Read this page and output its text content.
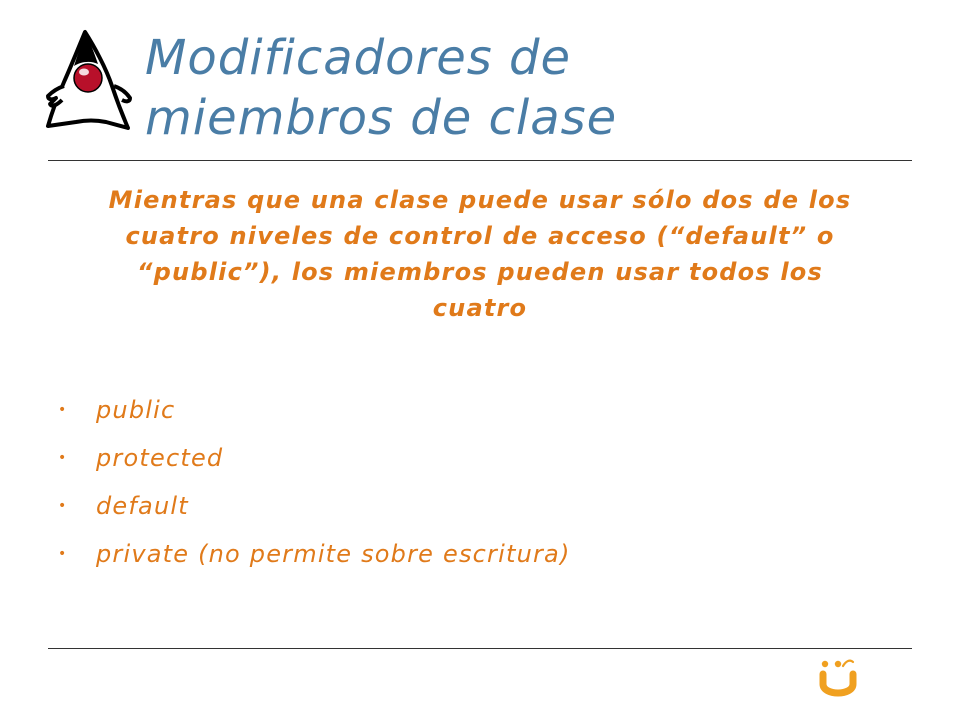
Modificadores de
miembros de clase
Mientras que una clase puede usar sólo dos de los
cuatro niveles de control de acceso (“default” o
“public”), los miembros pueden usar todos los
cuatro
• public
• protected
• default
• private (no permite sobre escritura)
